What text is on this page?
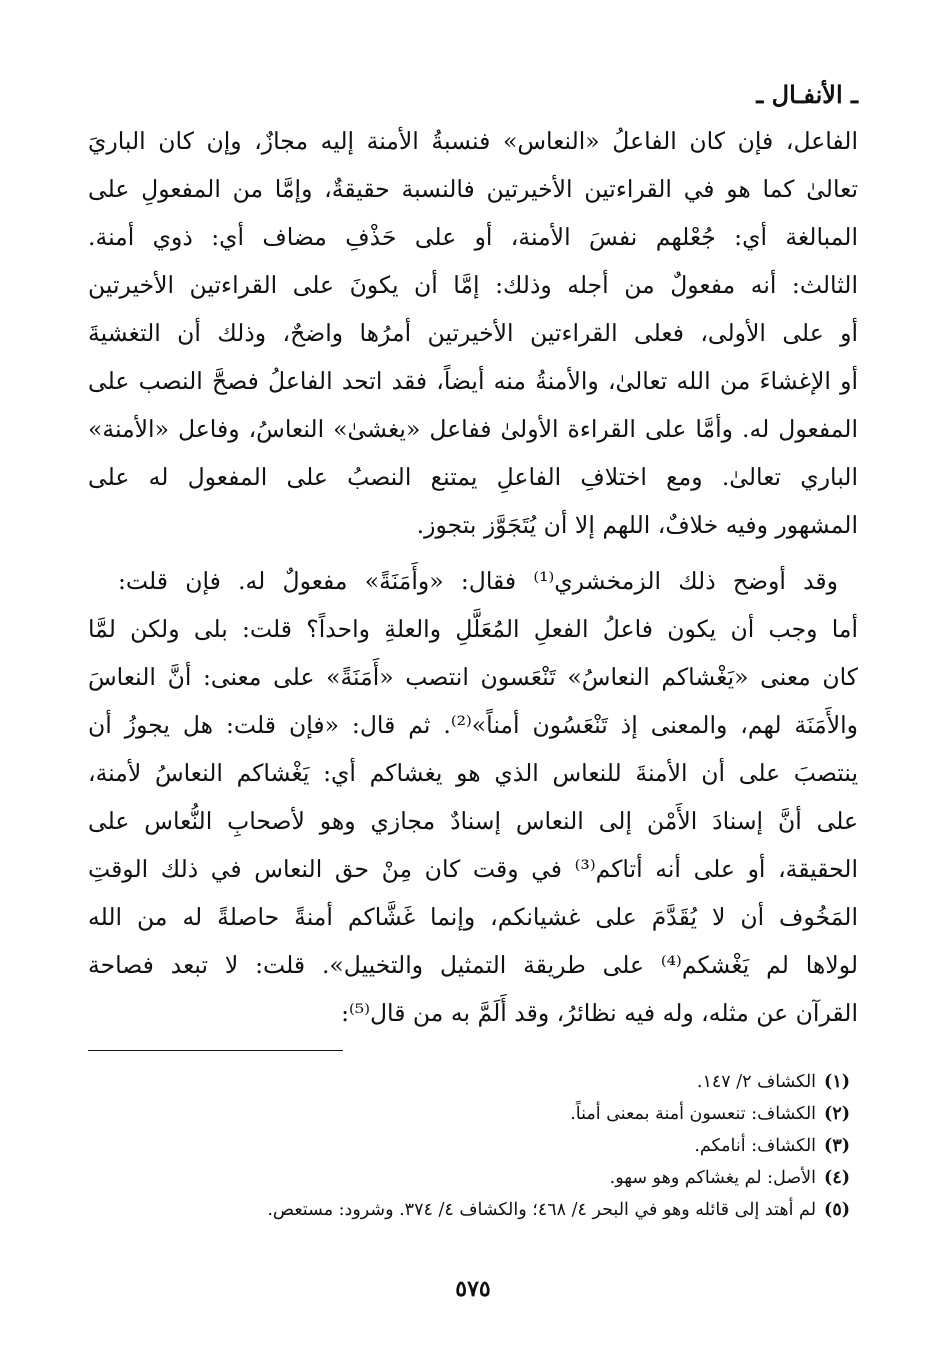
ـ الأنفـال ـ
الفاعل، فإن كان الفاعلُ «النعاس» فنسبةُ الأمنة إليه مجازٌ، وإن كان الباريَ
تعالىٰ كما هو في القراءتين الأخيرتين فالنسبة حقيقةٌ، وإمَّا من المفعولِ على
المبالغة أي: جُعْلهم نفسَ الأمنة، أو على حَذْفِ مضاف أي: ذوي أمنة.
الثالث: أنه مفعولٌ من أجله وذلك: إمَّا أن يكونَ على القراءتين الأخيرتين
أو على الأولى، فعلى القراءتين الأخيرتين أمرُها واضحٌ، وذلك أن التغشيةَ
أو الإغشاءَ من الله تعالىٰ، والأمنةُ منه أيضاً، فقد اتحد الفاعلُ فصحَّ النصب على
المفعول له. وأمَّا على القراءة الأولىٰ ففاعل «يغشىٰ» النعاسُ، وفاعل «الأمنة»
الباري تعالىٰ. ومع اختلافِ الفاعلِ يمتنع النصبُ على المفعول له على
المشهور وفيه خلافٌ، اللهم إلا أن يُتَجَوَّز بتجوز.
وقد أوضح ذلك الزمخشري⁽¹⁾ فقال: «وأَمَنَةً» مفعولٌ له. فإن قلت:
أما وجب أن يكون فاعلُ الفعلِ المُعَلَّلِ والعلةِ واحداً؟ قلت: بلى ولكن لمَّا
كان معنى «يَغْشاكم النعاسُ» تَنْعَسون انتصب «أَمَنَةً» على معنى: أنَّ النعاسَ
والأَمَنَة لهم، والمعنى إذ تَنْعَسُون أمناً»⁽²⁾. ثم قال: «فإن قلت: هل يجوزُ أن
ينتصبَ على أن الأمنةَ للنعاس الذي هو يغشاكم أي: يَغْشاكم النعاسُ لأمنة،
على أنَّ إسنادَ الأَمْن إلى النعاس إسنادٌ مجازي وهو لأصحابِ النُّعاس على
الحقيقة، أو على أنه أتاكم⁽³⁾ في وقت كان مِنْ حق النعاس في ذلك الوقتِ
المَخُوف أن لا يُقَدَّمَ على غشيانكم، وإنما غَشَّاكم أمنةً حاصلةً له من الله
لولاها لم يَغْشكم⁽⁴⁾ على طريقة التمثيل والتخييل». قلت: لا تبعد فصاحة
القرآن عن مثله، وله فيه نظائرُ، وقد أَلَمَّ به من قال⁽⁵⁾:
(١)الكشاف ٢/ ١٤٧.
(٢)الكشاف: تنعسون أمنة بمعنى أمناً.
(٣)الكشاف: أنامكم.
(٤)الأصل: لم يغشاكم وهو سهو.
(٥)لم أهتد إلى قائله وهو في البحر ٤/ ٤٦٨؛ والكشاف ٤/ ٣٧٤. وشرود: مستعص.
٥٧٥
